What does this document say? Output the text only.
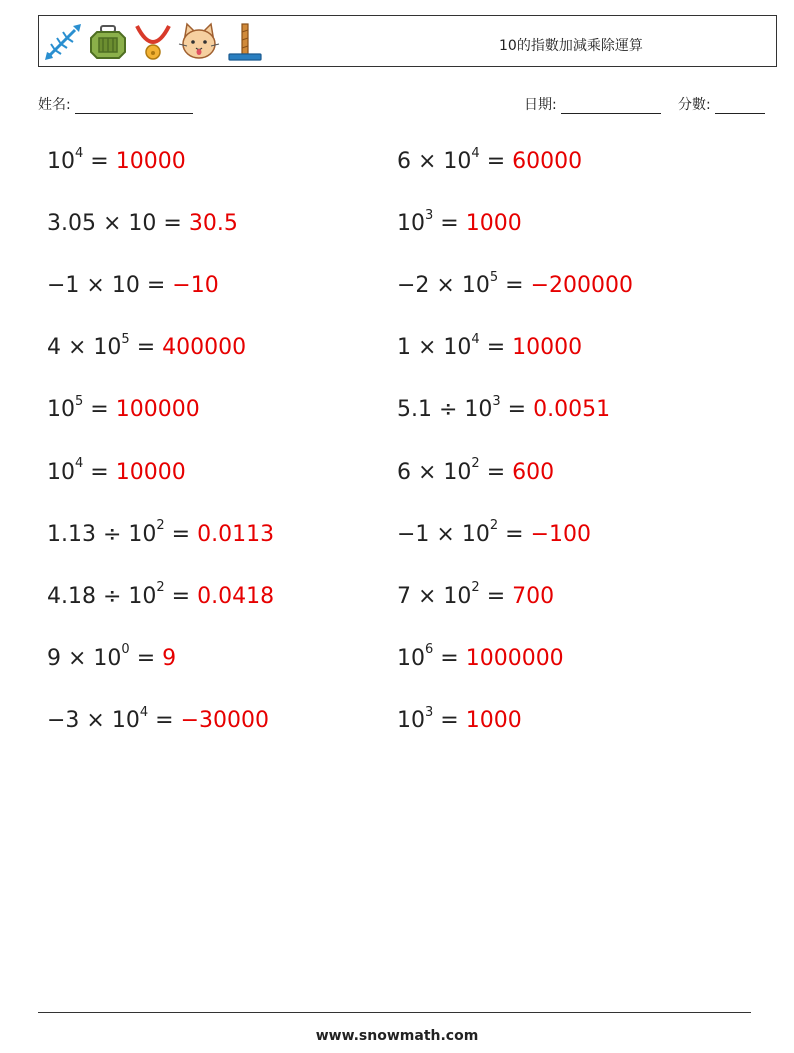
10的指數加減乘除運算
姓名:	日期:	分數:
$10^4 = 10000$	$6 \times 10^4 = 60000$
3.05 × 10 = 30.5	$10^3 = 1000$
−1 × 10 = −10	$-2 \times 10^5 = -200000$
$4 \times 10^5 = 400000$	$1 \times 10^4 = 10000$
$10^5 = 100000$	$5.1 \div 10^3 = 0.0051$
$10^4 = 10000$	$6 \times 10^2 = 600$
$1.13 \div 10^2 = 0.0113$	$-1 \times 10^2 = -100$
$4.18 \div 10^2 = 0.0418$	$7 \times 10^2 = 700$
$9 \times 10^0 = 9$	$10^6 = 1000000$
$-3 \times 10^4 = -30000$	$10^3 = 1000$
www.snowmath.com
